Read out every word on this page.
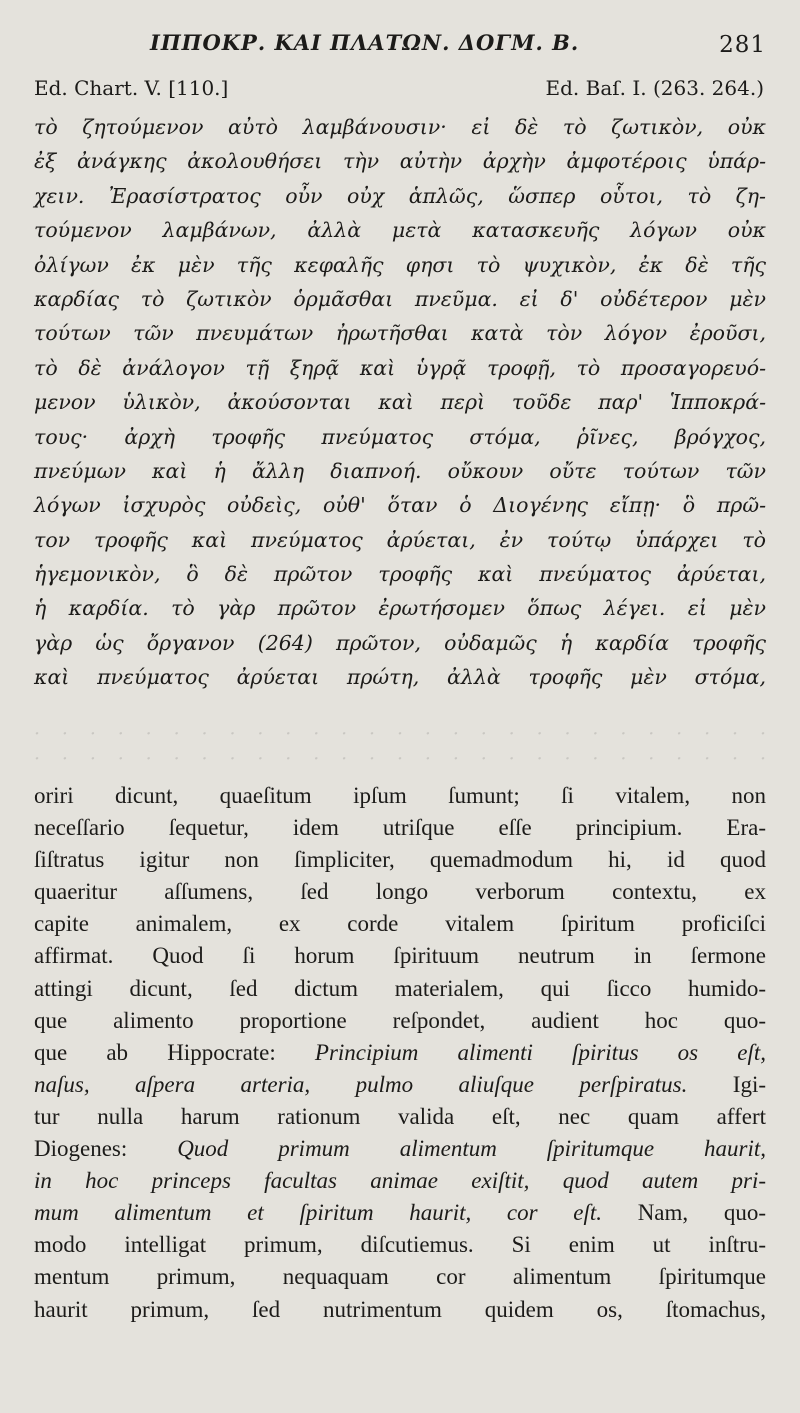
ΙΠΠΟΚΡ. ΚΑΙ ΠΛΑΤΩΝ. ΔΟΓΜ. Β.	281
Ed. Chart. V. [110.]	Ed. Baſ. I. (263. 264.)
τὸ ζητούμενον αὐτὸ λαμβάνουσιν· εἰ δὲ τὸ ζωτικὸν, οὐκ
ἐξ ἀνάγκης ἀκολουθήσει τὴν αὐτὴν ἀρχὴν ἀμφοτέροις ὑπάρ-
χειν. Ἐρασίστρατος οὖν οὐχ ἁπλῶς, ὥσπερ οὗτοι, τὸ ζη-
τούμενον λαμβάνων, ἀλλὰ μετὰ κατασκευῆς λόγων οὐκ
ὀλίγων ἐκ μὲν τῆς κεφαλῆς φησι τὸ ψυχικὸν, ἐκ δὲ τῆς
καρδίας τὸ ζωτικὸν ὁρμᾶσθαι πνεῦμα. εἰ δ' οὐδέτερον μὲν
τούτων τῶν πνευμάτων ἠρωτῆσθαι κατὰ τὸν λόγον ἐροῦσι,
τὸ δὲ ἀνάλογον τῇ ξηρᾷ καὶ ὑγρᾷ τροφῇ, τὸ προσαγορευό-
μενον ὑλικὸν, ἀκούσονται καὶ περὶ τοῦδε παρ' Ἱπποκρά-
τους· ἀρχὴ τροφῆς πνεύματος στόμα, ῥῖνες, βρόγχος,
πνεύμων καὶ ἡ ἄλλη διαπνοή. οὔκουν οὔτε τούτων τῶν
λόγων ἰσχυρὸς οὐδεὶς, οὐθ' ὅταν ὁ Διογένης εἴπῃ· ὃ πρῶ-
τον τροφῆς καὶ πνεύματος ἀρύεται, ἐν τούτῳ ὑπάρχει τὸ
ἡγεμονικὸν, ὃ δὲ πρῶτον τροφῆς καὶ πνεύματος ἀρύεται,
ἡ καρδία. τὸ γὰρ πρῶτον ἐρωτήσομεν ὅπως λέγει. εἰ μὲν
γὰρ ὡς ὄργανον (264) πρῶτον, οὐδαμῶς ἡ καρδία τροφῆς
καὶ πνεύματος ἀρύεται πρώτη, ἀλλὰ τροφῆς μὲν στόμα,
· · · · · · · · · · · · · · · · · · · · · · · · · · ·
· · · · · · · · · · · · · · · · · · · · · · · · · · ·
oriri dicunt, quaeſitum ipſum ſumunt; ſi vitalem, non
neceſſario ſequetur, idem utriſque eſſe principium. Era-
ſiſtratus igitur non ſimpliciter, quemadmodum hi, id quod
quaeritur aſſumens, ſed longo verborum contextu, ex
capite animalem, ex corde vitalem ſpiritum proficiſci
affirmat. Quod ſi horum ſpirituum neutrum in ſermone
attingi dicunt, ſed dictum materialem, qui ſicco humido-
que alimento proportione reſpondet, audient hoc quo-
que ab Hippocrate: Principium alimenti ſpiritus os eſt,
naſus, aſpera arteria, pulmo aliuſque perſpiratus. Igi-
tur nulla harum rationum valida eſt, nec quam affert
Diogenes: Quod primum alimentum ſpiritumque haurit,
in hoc princeps facultas animae exiſtit, quod autem pri-
mum alimentum et ſpiritum haurit, cor eſt. Nam, quo-
modo intelligat primum, diſcutiemus. Si enim ut inſtru-
mentum primum, nequaquam cor alimentum ſpiritumque
haurit primum, ſed nutrimentum quidem os, ſtomachus,
